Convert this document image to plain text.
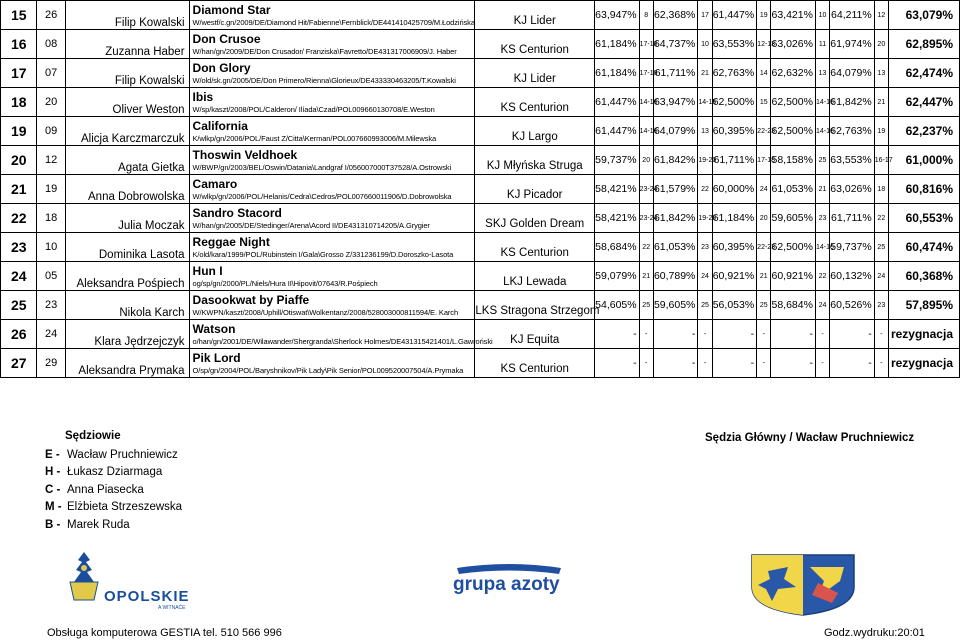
15	26	Filip Kowalski	Diamond Star
W/westf/c.gn/2009/DE/Diamond Hit/Fabienne\Fernblick/DE441410425709/M.Łodzińska	KJ Lider	63,947%	8	62,368%	17	61,447%	19	63,421%	10	64,211%	12	63,079%
16	08	Zuzanna Haber	Don Crusoe
W/han/gn/2009/DE/Don Crusador/ Franziska\Favretto/DE431317006909/J. Haber	KS Centurion	61,184%	17-18	64,737%	10	63,553%	12-13	63,026%	11	61,974%	20	62,895%
17	07	Filip Kowalski	Don Glory
W/old/sk.gn/2005/DE/Don Primero/Rienna\Glorieux/DE433330463205/T.Kowalski	KJ Lider	61,184%	17-18	61,711%	21	62,763%	14	62,632%	13	64,079%	13	62,474%
18	20	Oliver Weston	Ibis
W/sp/kaszt/2008/POL/Calderon/ Ilíada\Czad/POL009660130708/E.Weston	KS Centurion	61,447%	14-16	63,947%	14-15	62,500%	15	62,500%	14-16	61,842%	21	62,447%
19	09	Alicja Karczmarczuk	California
K/wlkp/gn/2006/POL/Faust Z/Citta\Kerman/POL007660993006/M.Milewska	KJ Largo	61,447%	14-16	64,079%	13	60,395%	22-23	62,500%	14-16	62,763%	19	62,237%
20	12	Agata Gietka	Thoswin Veldhoek
W/BWP/gn/2003/BEL/Oswin/Datania\Landgraf I/056007000T37528/A.Ostrowski	KJ Młyńska Struga	59,737%	20	61,842%	19-20	61,711%	17-18	58,158%	25	63,553%	16-17	61,000%
21	19	Anna Dobrowolska	Camaro
W/wlkp/gn/2006/POL/Helanis/Cedra\Cedros/POL007660011906/D.Dobrowolska	KJ Picador	58,421%	23-24	61,579%	22	60,000%	24	61,053%	21	63,026%	18	60,816%
22	18	Julia Moczak	Sandro Stacord
W/han/gn/2005/DE/Stedinger/Arena\Acord II/DE431310714205/A.Grygier	SKJ Golden Dream	58,421%	23-24	61,842%	19-20	61,184%	20	59,605%	23	61,711%	22	60,553%
23	10	Dominika Lasota	Reggae Night
K/old/kara/1999/POL/Rubinstein I/Gala\Grosso Z/331236199/D.Doroszko-Lasota	KS Centurion	58,684%	22	61,053%	23	60,395%	22-23	62,500%	14-16	59,737%	25	60,474%
24	05	Aleksandra Pośpiech	Hun I
og/sp/gn/2000/PL/Niels/Hura II\Hipovit/07643/R.Pośpiech	LKJ Lewada	59,079%	21	60,789%	24	60,921%	21	60,921%	22	60,132%	24	60,368%
25	23	Nikola Karch	Dasookwat by Piaffe
W/KWPN/kaszt/2008/Uphill/Otiswat\Wolkentanz/2008/528003000811594/E. Karch	LKS Stragona Strzegom	54,605%	25	59,605%	25	56,053%	25	58,684%	24	60,526%	23	57,895%
26	24	Klara Jędrzejczyk	Watson
o/han/gn/2001/DE/Wilawander/Shergranda\Sherlock Holmes/DE431315421401/L.Gawroński	KJ Equita	-	-	-	-	-	-	-	-	-	-	rezygnacja
27	29	Aleksandra Prymaka	Pik Lord
O/sp/gn/2004/POL/Baryshnikov/Pik Lady\Pik Senior/POL009520007504/A.Prymaka	KS Centurion	-	-	-	-	-	-	-	-	-	-	rezygnacja
Sędziowie
E - Wacław Pruchniewicz
H - Łukasz Dziarmaga
C - Anna Piasecka
M - Elżbieta Strzeszewska
B - Marek Ruda
Sędzia Główny / Wacław Pruchniewicz
OPOLSKIE
A WITNAĆE
grupa azoty
Obsługa komputerowa GESTIA tel. 510 566 996	Godz.wydruku:20:01
